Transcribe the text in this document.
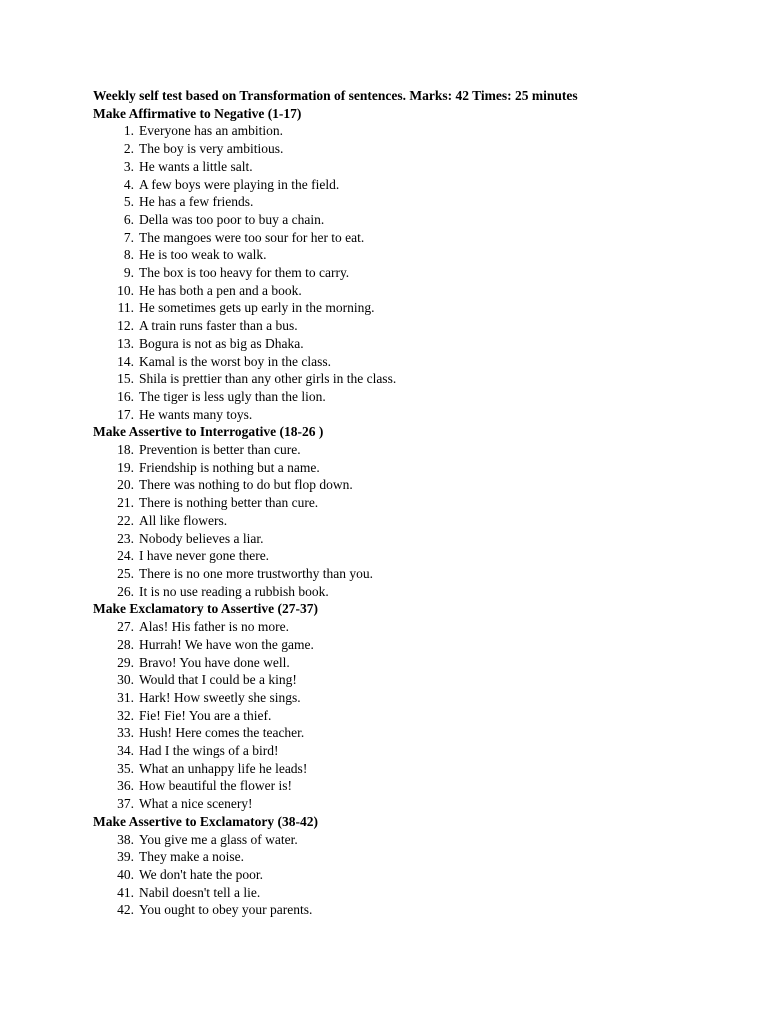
Weekly self test based on Transformation of sentences. Marks: 42 Times: 25 minutes
Make Affirmative to Negative (1-17)
1. Everyone has an ambition.
2. The boy is very ambitious.
3. He wants a little salt.
4. A few boys were playing in the field.
5. He has a few friends.
6. Della was too poor to buy a chain.
7. The mangoes were too sour for her to eat.
8. He is too weak to walk.
9. The box is too heavy for them to carry.
10. He has both a pen and a book.
11. He sometimes gets up early in the morning.
12. A train runs faster than a bus.
13. Bogura is not as big as Dhaka.
14. Kamal is the worst boy in the class.
15. Shila is prettier than any other girls in the class.
16. The tiger is less ugly than the lion.
17. He wants many toys.
Make Assertive to Interrogative (18-26 )
18. Prevention is better than cure.
19. Friendship is nothing but a name.
20. There was nothing to do but flop down.
21. There is nothing better than cure.
22. All like flowers.
23. Nobody believes a liar.
24. I have never gone there.
25. There is no one more trustworthy than you.
26. It is no use reading a rubbish book.
Make Exclamatory to Assertive (27-37)
27. Alas! His father is no more.
28. Hurrah! We have won the game.
29. Bravo! You have done well.
30. Would that I could be a king!
31. Hark! How sweetly she sings.
32. Fie! Fie! You are a thief.
33. Hush! Here comes the teacher.
34. Had I the wings of a bird!
35. What an unhappy life he leads!
36. How beautiful the flower is!
37. What a nice scenery!
Make Assertive to Exclamatory (38-42)
38. You give me a glass of water.
39. They make a noise.
40. We don't hate the poor.
41. Nabil doesn't tell a lie.
42. You ought to obey your parents.
